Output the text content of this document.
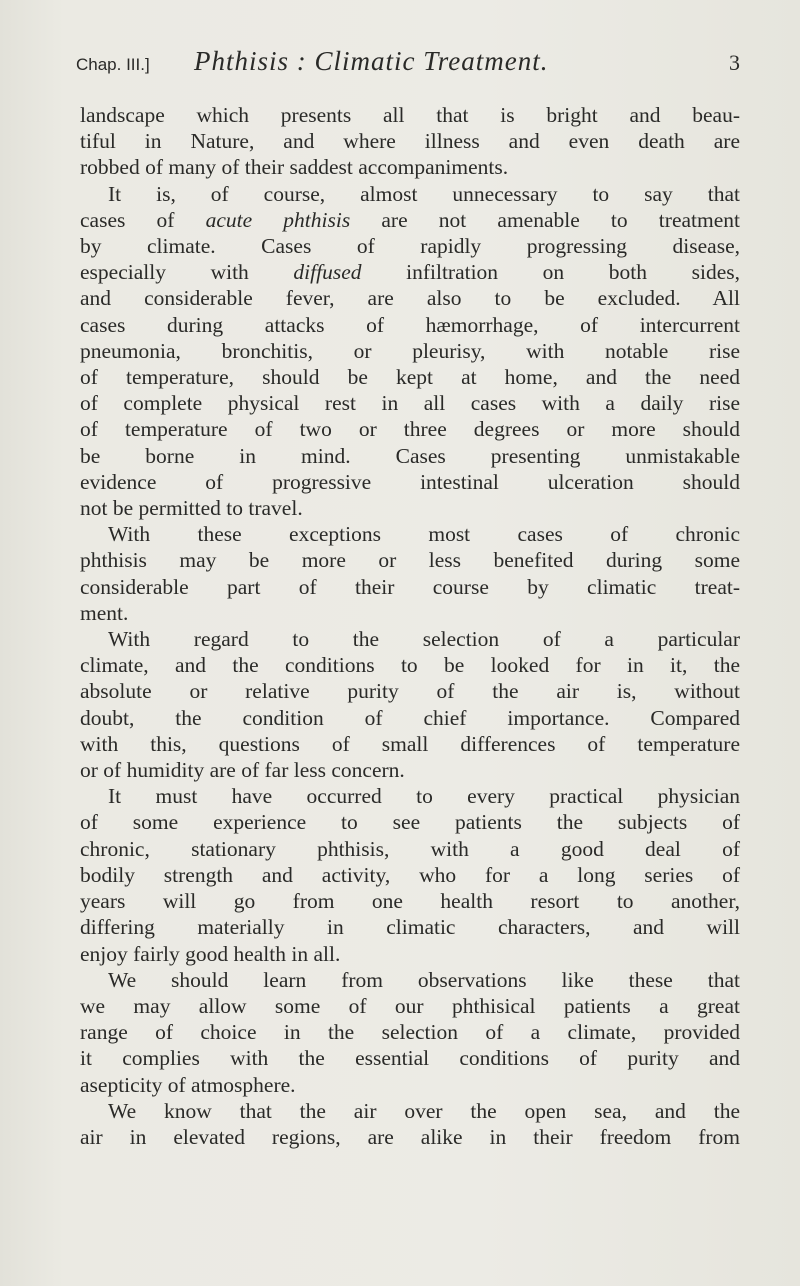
Chap. III.]	Phthisis : Climatic Treatment.	3
landscape which presents all that is bright and beau-
tiful in Nature, and where illness and even death are
robbed of many of their saddest accompaniments.
It is, of course, almost unnecessary to say that
cases of acute phthisis are not amenable to treatment
by climate. Cases of rapidly progressing disease,
especially with diffused infiltration on both sides,
and considerable fever, are also to be excluded. All
cases during attacks of hæmorrhage, of intercurrent
pneumonia, bronchitis, or pleurisy, with notable rise
of temperature, should be kept at home, and the need
of complete physical rest in all cases with a daily rise
of temperature of two or three degrees or more should
be borne in mind. Cases presenting unmistakable
evidence of progressive intestinal ulceration should
not be permitted to travel.
With these exceptions most cases of chronic
phthisis may be more or less benefited during some
considerable part of their course by climatic treat-
ment.
With regard to the selection of a particular
climate, and the conditions to be looked for in it, the
absolute or relative purity of the air is, without
doubt, the condition of chief importance. Compared
with this, questions of small differences of temperature
or of humidity are of far less concern.
It must have occurred to every practical physician
of some experience to see patients the subjects of
chronic, stationary phthisis, with a good deal of
bodily strength and activity, who for a long series of
years will go from one health resort to another,
differing materially in climatic characters, and will
enjoy fairly good health in all.
We should learn from observations like these that
we may allow some of our phthisical patients a great
range of choice in the selection of a climate, provided
it complies with the essential conditions of purity and
asepticity of atmosphere.
We know that the air over the open sea, and the
air in elevated regions, are alike in their freedom from
